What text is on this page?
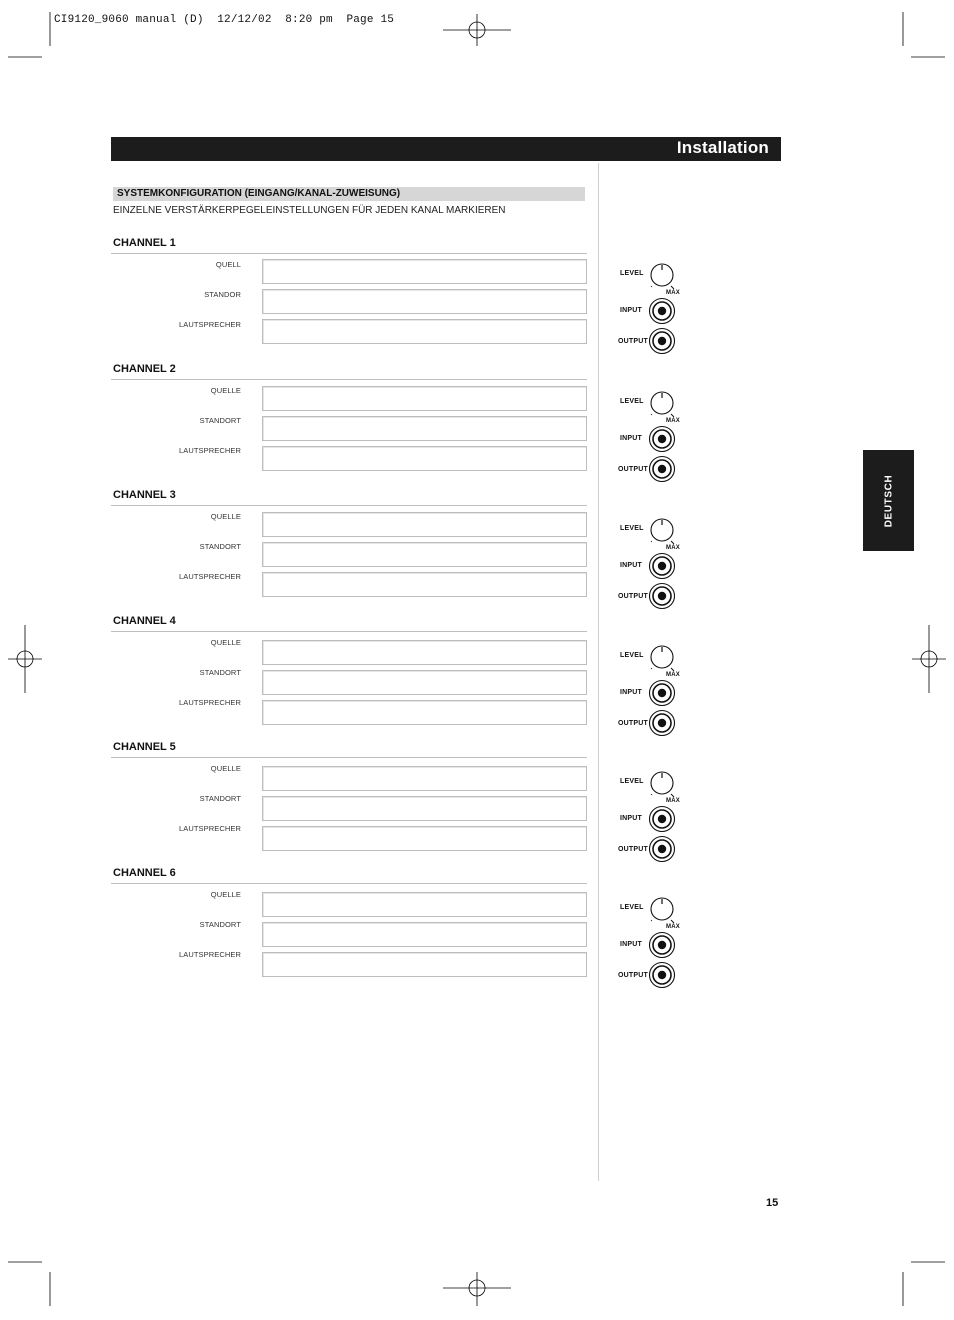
CI9120_9060 manual (D)  12/12/02  8:20 pm  Page 15
Installation
SYSTEMKONFIGURATION (EINGANG/KANAL-ZUWEISUNG)
EINZELNE VERSTÄRKERPEGELEINSTELLUNGEN FÜR JEDEN KANAL MARKIEREN
CHANNEL 1
QUELL
STANDOR
LAUTSPRECHER
CHANNEL 2
QUELLE
STANDORT
LAUTSPRECHER
CHANNEL 3
QUELLE
STANDORT
LAUTSPRECHER
CHANNEL 4
QUELLE
STANDORT
LAUTSPRECHER
CHANNEL 5
QUELLE
STANDORT
LAUTSPRECHER
CHANNEL 6
QUELLE
STANDORT
LAUTSPRECHER
LEVEL
MAX
INPUT
OUTPUT
LEVEL
MAX
INPUT
OUTPUT
LEVEL
MAX
INPUT
OUTPUT
LEVEL
MAX
INPUT
OUTPUT
LEVEL
MAX
INPUT
OUTPUT
LEVEL
MAX
INPUT
OUTPUT
DEUTSCH
15
